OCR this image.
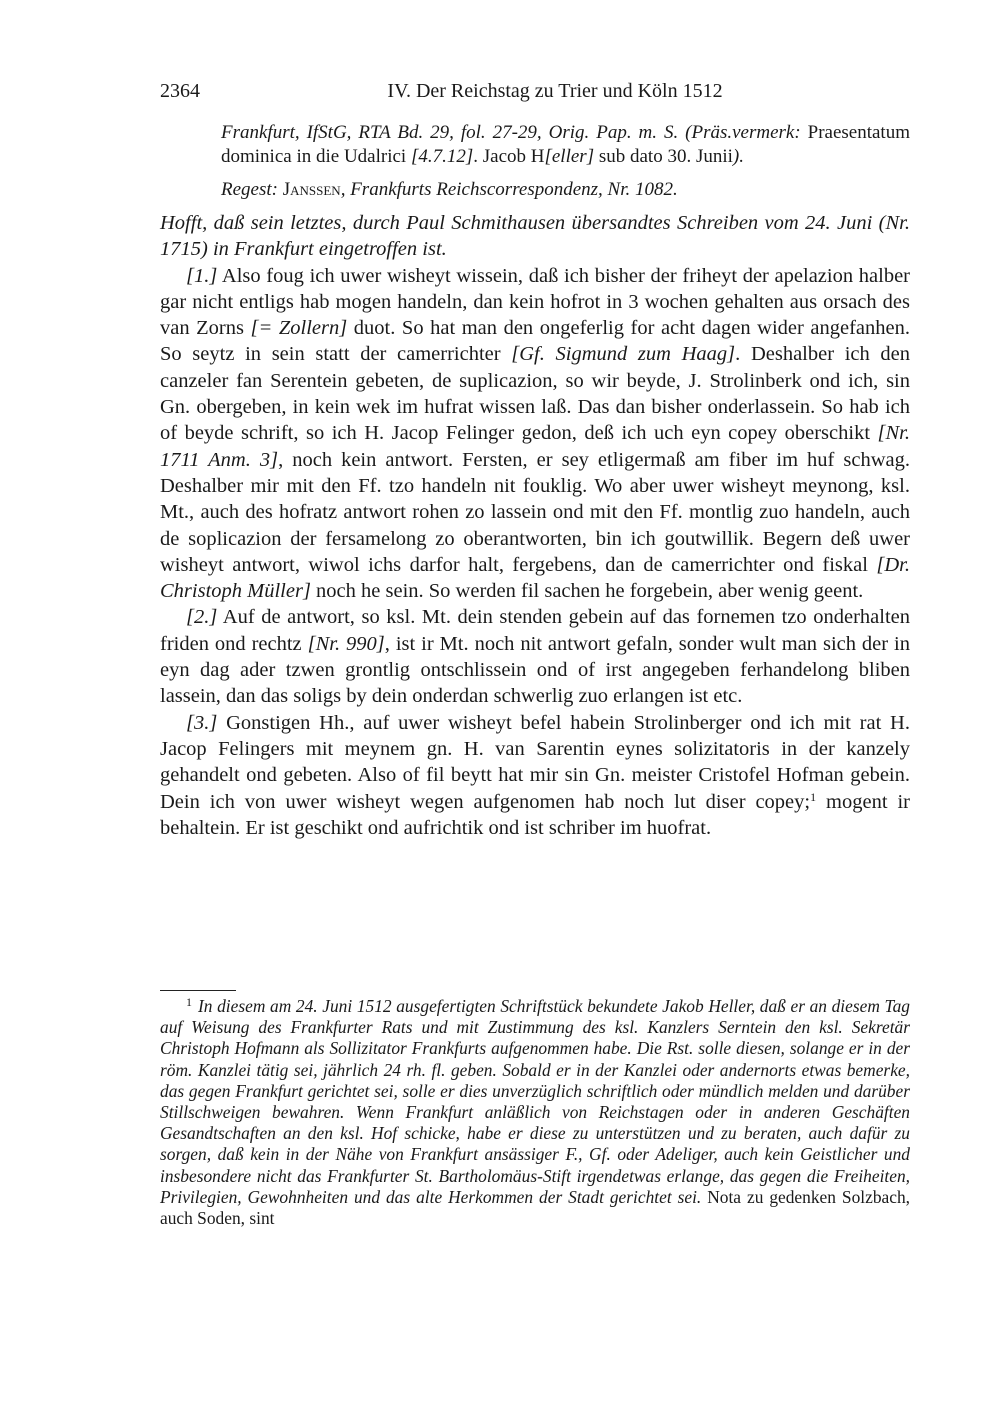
2364	IV. Der Reichstag zu Trier und Köln 1512
Frankfurt, IfStG, RTA Bd. 29, fol. 27-29, Orig. Pap. m. S. (Präs.vermerk: Praesentatum dominica in die Udalrici [4.7.12]. Jacob H[eller] sub dato 30. Junii).
Regest: Janssen, Frankfurts Reichscorrespondenz, Nr. 1082.

Hofft, daß sein letztes, durch Paul Schmithausen übersandtes Schreiben vom 24. Juni (Nr. 1715) in Frankfurt eingetroffen ist.

[1.] Also foug ich uwer wisheyt wissein, daß ich bisher der friheyt der apelazion halber gar nicht entligs hab mogen handeln, dan kein hofrot in 3 wochen gehalten aus orsach des van Zorns [= Zollern] duot. So hat man den ongeferlig for acht dagen wider angefanhen. So seytz in sein statt der camerrichter [Gf. Sigmund zum Haag]. Deshalber ich den canzeler fan Serentein gebeten, de suplicazion, so wir beyde, J. Strolinberk ond ich, sin Gn. obergeben, in kein wek im hufrat wissen laß. Das dan bisher onderlassein. So hab ich of beyde schrift, so ich H. Jacop Felinger gedon, deß ich uch eyn copey oberschikt [Nr. 1711 Anm. 3], noch kein antwort. Fersten, er sey etligermaß am fiber im huf schwag. Deshalber mir mit den Ff. tzo handeln nit fouklig. Wo aber uwer wisheyt meynong, ksl. Mt., auch des hofratz antwort rohen zo lassein ond mit den Ff. montlig zuo handeln, auch de soplicazion der fersamelong zo oberantworten, bin ich goutwillik. Begern deß uwer wisheyt antwort, wiwol ichs darfor halt, fergebens, dan de camerrichter ond fiskal [Dr. Christoph Müller] noch he sein. So werden fil sachen he forgebein, aber wenig geent.

[2.] Auf de antwort, so ksl. Mt. dein stenden gebein auf das fornemen tzo onderhalten friden ond rechtz [Nr. 990], ist ir Mt. noch nit antwort gefaln, sonder wult man sich der in eyn dag ader tzwen grontlig ontschlissein ond of irst angegeben ferhandelong bliben lassein, dan das soligs by dein onderdan schwerlig zuo erlangen ist etc.

[3.] Gonstigen Hh., auf uwer wisheyt befel habein Strolinberger ond ich mit rat H. Jacop Felingers mit meynem gn. H. van Sarentin eynes solizitatoris in der kanzely gehandelt ond gebeten. Also of fil beytt hat mir sin Gn. meister Cristofel Hofman gebein. Dein ich von uwer wisheyt wegen aufgenomen hab noch lut diser copey;$^1$ mogent ir behaltein. Er ist geschikt ond aufrichtik ond ist schriber im huofrat.

$^1$ In diesem am 24. Juni 1512 ausgefertigten Schriftstück bekundete Jakob Heller, daß er an diesem Tag auf Weisung des Frankfurter Rats und mit Zustimmung des ksl. Kanzlers Serntein den ksl. Sekretär Christoph Hofmann als Sollizitator Frankfurts aufgenommen habe. Die Rst. solle diesen, solange er in der röm. Kanzlei tätig sei, jährlich 24 rh. fl. geben. Sobald er in der Kanzlei oder andernorts etwas bemerke, das gegen Frankfurt gerichtet sei, solle er dies unverzüglich schriftlich oder mündlich melden und darüber Stillschweigen bewahren. Wenn Frankfurt anläßlich von Reichstagen oder in anderen Geschäften Gesandtschaften an den ksl. Hof schicke, habe er diese zu unterstützen und zu beraten, auch dafür zu sorgen, daß kein in der Nähe von Frankfurt ansässiger F., Gf. oder Adeliger, auch kein Geistlicher und insbesondere nicht das Frankfurter St. Bartholomäus-Stift irgendetwas erlange, das gegen die Freiheiten, Privilegien, Gewohnheiten und das alte Herkommen der Stadt gerichtet sei. Nota zu gedenken Solzbach, auch Soden, sint
